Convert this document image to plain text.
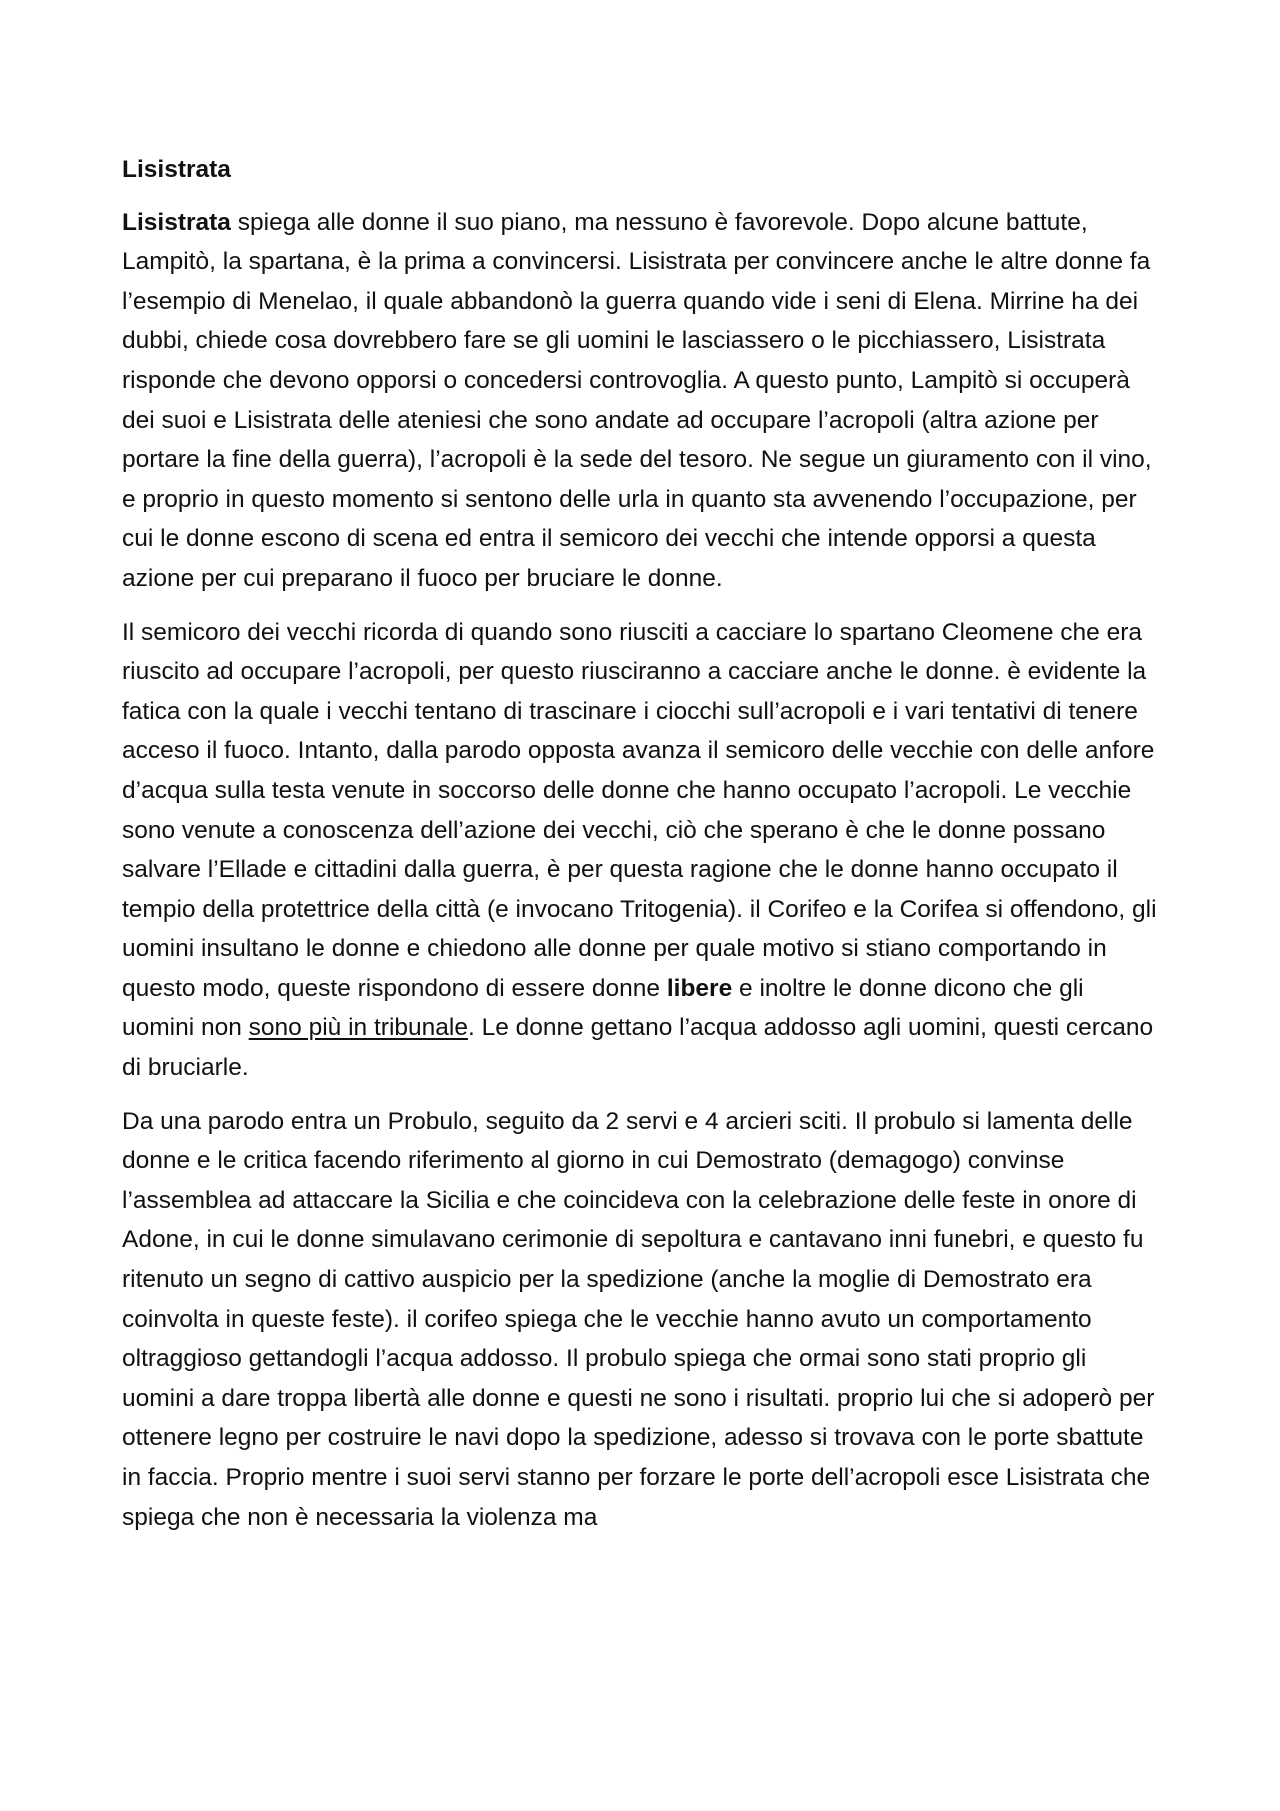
Lisistrata

Lisistrata spiega alle donne il suo piano, ma nessuno è favorevole. Dopo alcune battute, Lampitò, la spartana, è la prima a convincersi. Lisistrata per convincere anche le altre donne fa l’esempio di Menelao, il quale abbandonò la guerra quando vide i seni di Elena. Mirrine ha dei dubbi, chiede cosa dovrebbero fare se gli uomini le lasciassero o le picchiassero, Lisistrata risponde che devono opporsi o concedersi controvoglia. A questo punto, Lampitò si occuperà dei suoi e Lisistrata delle ateniesi che sono andate ad occupare l’acropoli (altra azione per portare la fine della guerra), l’acropoli è la sede del tesoro. Ne segue un giuramento con il vino, e proprio in questo momento si sentono delle urla in quanto sta avvenendo l’occupazione, per cui le donne escono di scena ed entra il semicoro dei vecchi che intende opporsi a questa azione per cui preparano il fuoco per bruciare le donne.

Il semicoro dei vecchi ricorda di quando sono riusciti a cacciare lo spartano Cleomene che era riuscito ad occupare l’acropoli, per questo riusciranno a cacciare anche le donne. è evidente la fatica con la quale i vecchi tentano di trascinare i ciocchi sull’acropoli e i vari tentativi di tenere acceso il fuoco. Intanto, dalla parodo opposta avanza il semicoro delle vecchie con delle anfore d’acqua sulla testa venute in soccorso delle donne che hanno occupato l’acropoli. Le vecchie sono venute a conoscenza dell’azione dei vecchi, ciò che sperano è che le donne possano salvare l’Ellade e cittadini dalla guerra, è per questa ragione che le donne hanno occupato il tempio della protettrice della città (e invocano Tritogenia). il Corifeo e la Corifea si offendono, gli uomini insultano le donne e chiedono alle donne per quale motivo si stiano comportando in questo modo, queste rispondono di essere donne libere e inoltre le donne dicono che gli uomini non sono più in tribunale. Le donne gettano l’acqua addosso agli uomini, questi cercano di bruciarle.

Da una parodo entra un Probulo, seguito da 2 servi e 4 arcieri sciti. Il probulo si lamenta delle donne e le critica facendo riferimento al giorno in cui Demostrato (demagogo) convinse l’assemblea ad attaccare la Sicilia e che coincideva con la celebrazione delle feste in onore di Adone, in cui le donne simulavano cerimonie di sepoltura e cantavano inni funebri, e questo fu ritenuto un segno di cattivo auspicio per la spedizione (anche la moglie di Demostrato era coinvolta in queste feste). il corifeo spiega che le vecchie hanno avuto un comportamento oltraggioso gettandogli l’acqua addosso. Il probulo spiega che ormai sono stati proprio gli uomini a dare troppa libertà alle donne e questi ne sono i risultati. proprio lui che si adoperò per ottenere legno per costruire le navi dopo la spedizione, adesso si trovava con le porte sbattute in faccia. Proprio mentre i suoi servi stanno per forzare le porte dell’acropoli esce Lisistrata che spiega che non è necessaria la violenza ma
